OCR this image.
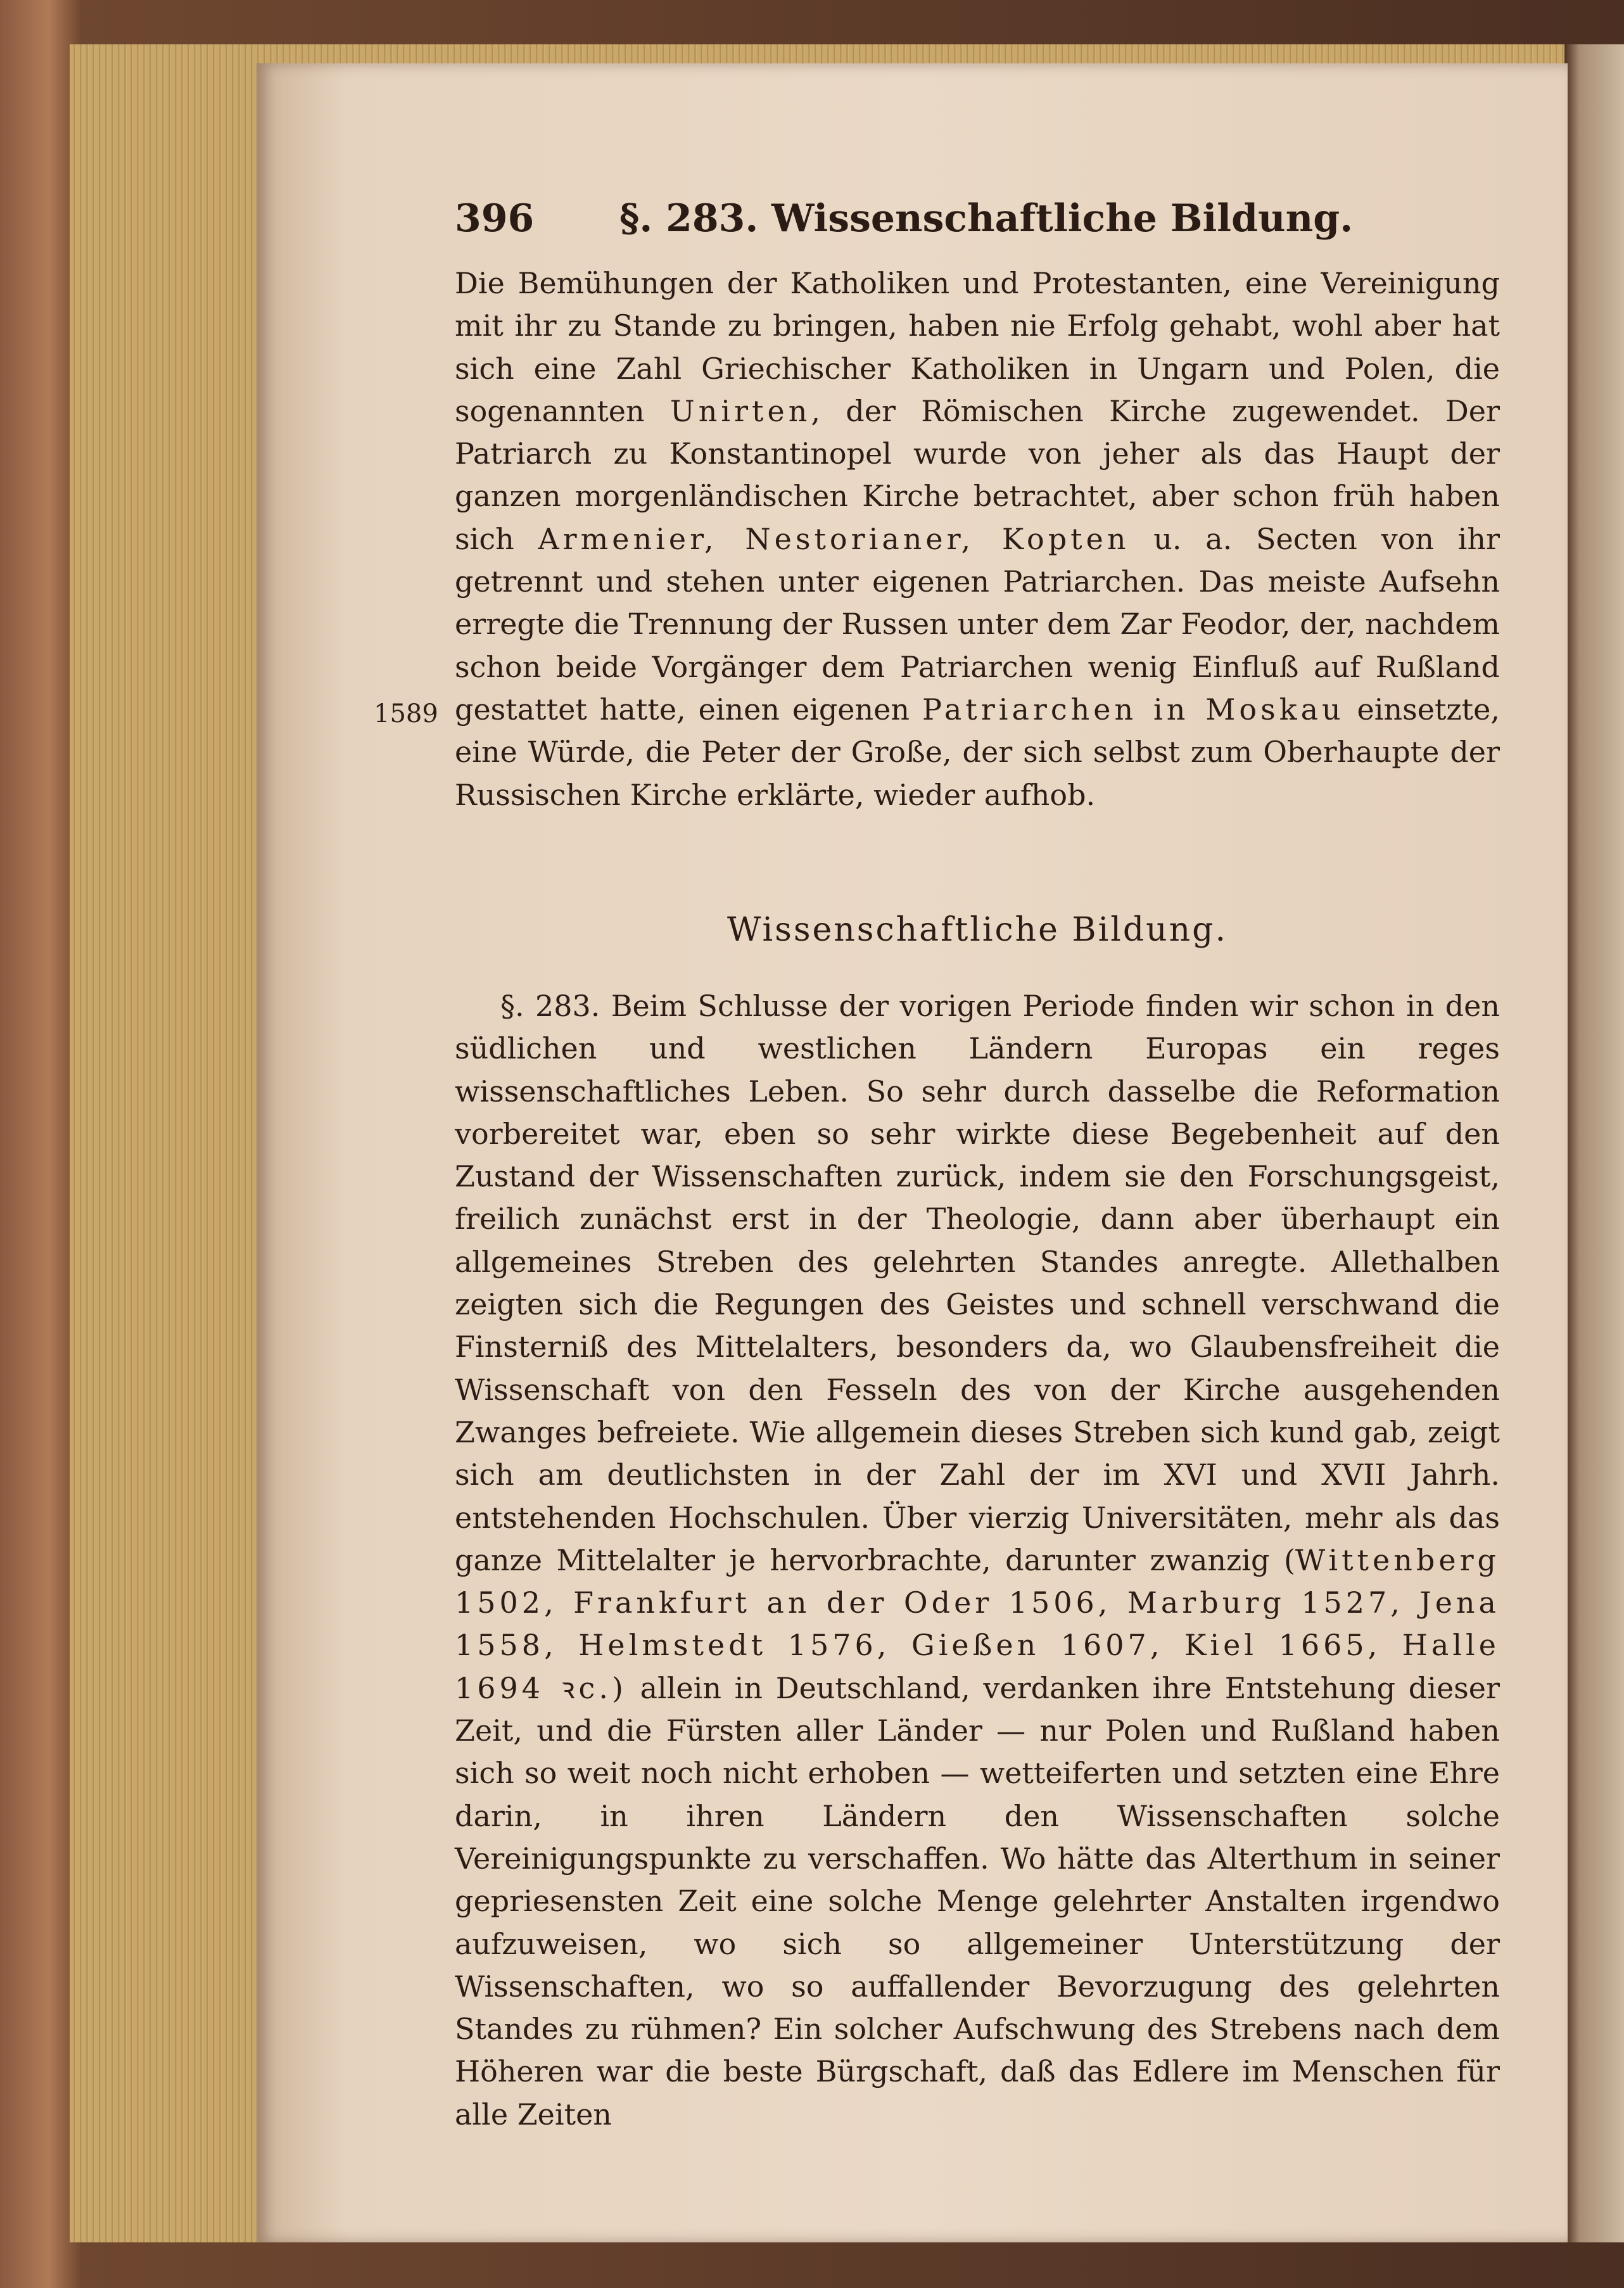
396 §. 283. Wissenschaftliche Bildung.
Die Bemühungen der Katholiken und Protestanten, eine Vereinigung mit ihr zu Stande zu bringen, haben nie Erfolg gehabt, wohl aber hat sich eine Zahl Griechischer Katholiken in Ungarn und Polen, die sogenannten Unirten, der Römischen Kirche zugewendet. Der Patriarch zu Konstantinopel wurde von jeher als das Haupt der ganzen morgenländischen Kirche betrachtet, aber schon früh haben sich Armenier, Nestorianer, Kopten u. a. Secten von ihr getrennt und stehen unter eigenen Patriarchen. Das meiste Aufsehn erregte die Trennung der Russen unter dem Zar Feodor, der, nachdem schon beide Vorgänger dem Patriarchen wenig Einfluß auf Rußland gestattet hatte, einen eigenen Patriarchen in Moskau einsetzte, eine Würde, die Peter der Große, der sich selbst zum Oberhaupte der Russischen Kirche erklärte, wieder aufhob.
1589
Wissenschaftliche Bildung.
§. 283. Beim Schlusse der vorigen Periode finden wir schon in den südlichen und westlichen Ländern Europas ein reges wissenschaftliches Leben. So sehr durch dasselbe die Reformation vorbereitet war, eben so sehr wirkte diese Begebenheit auf den Zustand der Wissenschaften zurück, indem sie den Forschungsgeist, freilich zunächst erst in der Theologie, dann aber überhaupt ein allgemeines Streben des gelehrten Standes anregte. Allethalben zeigten sich die Regungen des Geistes und schnell verschwand die Finsterniß des Mittelalters, besonders da, wo Glaubensfreiheit die Wissenschaft von den Fesseln des von der Kirche ausgehenden Zwanges befreiete. Wie allgemein dieses Streben sich kund gab, zeigt sich am deutlichsten in der Zahl der im XVI und XVII Jahrh. entstehenden Hochschulen. Über vierzig Universitäten, mehr als das ganze Mittelalter je hervorbrachte, darunter zwanzig (Wittenberg 1502, Frankfurt an der Oder 1506, Marburg 1527, Jena 1558, Helmstedt 1576, Gießen 1607, Kiel 1665, Halle 1694 ꝛc.) allein in Deutschland, verdanken ihre Entstehung dieser Zeit, und die Fürsten aller Länder — nur Polen und Rußland haben sich so weit noch nicht erhoben — wetteiferten und setzten eine Ehre darin, in ihren Ländern den Wissenschaften solche Vereinigungspunkte zu verschaffen. Wo hätte das Alterthum in seiner gepriesensten Zeit eine solche Menge gelehrter Anstalten irgendwo aufzuweisen, wo sich so allgemeiner Unterstützung der Wissenschaften, wo so auffallender Bevorzugung des gelehrten Standes zu rühmen? Ein solcher Aufschwung des Strebens nach dem Höheren war die beste Bürgschaft, daß das Edlere im Menschen für alle Zeiten
